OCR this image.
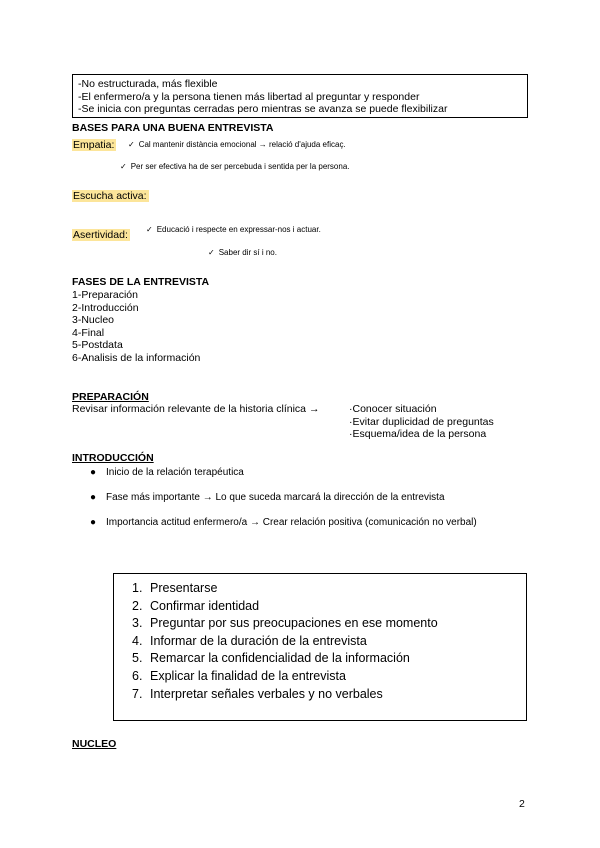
-No estructurada, más flexible
-El enfermero/a y la persona tienen más libertad al preguntar y responder
-Se inicia con preguntas cerradas pero mientras se avanza se puede flexibilizar
BASES PARA UNA BUENA ENTREVISTA
Empatia: ✓ Cal mantenir distància emocional → relació d'ajuda eficaç.
✓ Per ser efectiva ha de ser percebuda i sentida per la persona.
Escucha activa:
Asertividad: ✓ Educació i respecte en expressar-nos i actuar.
✓ Saber dir sí i no.
FASES DE LA ENTREVISTA
1-Preparación
2-Introducción
3-Nucleo
4-Final
5-Postdata
6-Analisis de la información
PREPARACIÓN
Revisar información relevante de la historia clínica →	·Conocer situación
·Evitar duplicidad de preguntas
·Esquema/idea de la persona
INTRODUCCIÓN
● Inicio de la relación terapéutica
● Fase más importante → Lo que suceda marcará la dirección de la entrevista
● Importancia actitud enfermero/a → Crear relación positiva (comunicación no verbal)
1. Presentarse
2. Confirmar identidad
3. Preguntar por sus preocupaciones en ese momento
4. Informar de la duración de la entrevista
5. Remarcar la confidencialidad de la información
6. Explicar la finalidad de la entrevista
7. Interpretar señales verbales y no verbales
NUCLEO
2
